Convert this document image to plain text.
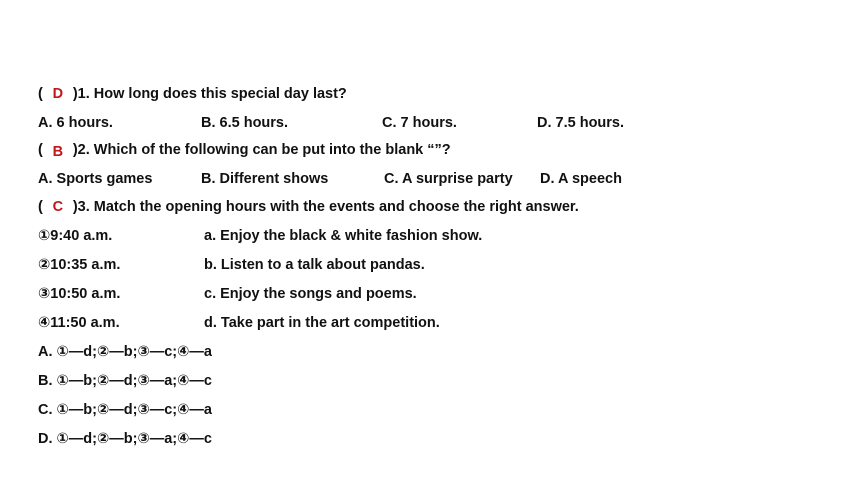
( D )1. How long does this special day last?
A. 6 hours.	B. 6.5 hours.	C. 7 hours.	D. 7.5 hours.
( B )2. Which of the following can be put into the blank “”?
A. Sports games	B. Different shows	C. A surprise party D. A speech
( C )3. Match the opening hours with the events and choose the right answer.
①9:40 a.m.	a. Enjoy the black & white fashion show.
②10:35 a.m.	b. Listen to a talk about pandas.
③10:50 a.m.	c. Enjoy the songs and poems.
④11:50 a.m.	d. Take part in the art competition.
A. ①—d;②—b;③—c;④—a
B. ①—b;②—d;③—a;④—c
C. ①—b;②—d;③—c;④—a
D. ①—d;②—b;③—a;④—c
